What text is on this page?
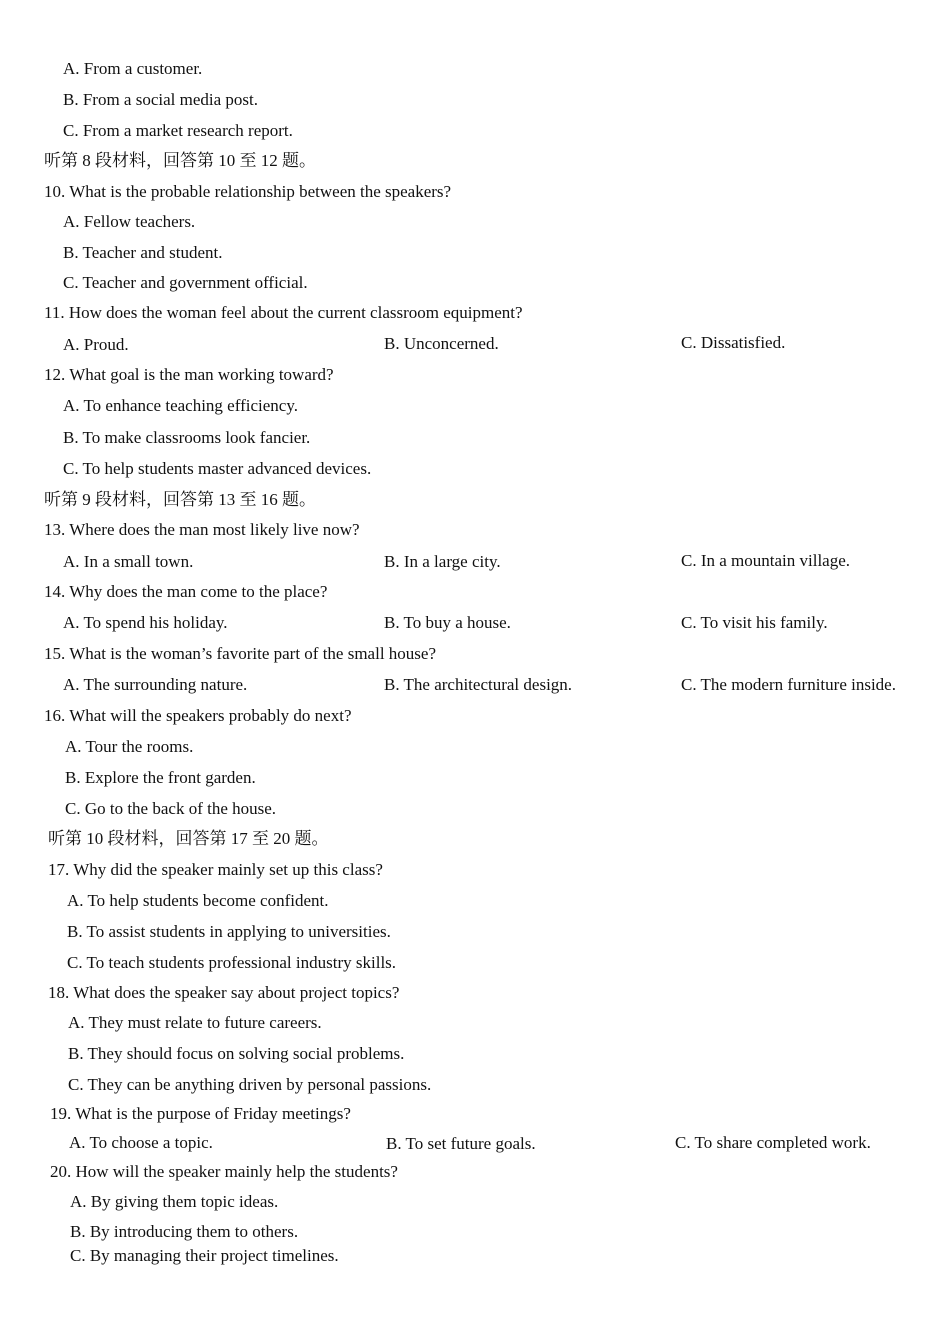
A. From a customer.
B. From a social media post.
C. From a market research report.
听第 8 段材料，回答第 10 至 12 题。
10. What is the probable relationship between the speakers?
A. Fellow teachers.
B. Teacher and student.
C. Teacher and government official.
11. How does the woman feel about the current classroom equipment?
A. Proud.	B. Unconcerned.	C. Dissatisfied.
12. What goal is the man working toward?
A. To enhance teaching efficiency.
B. To make classrooms look fancier.
C. To help students master advanced devices.
听第 9 段材料，回答第 13 至 16 题。
13. Where does the man most likely live now?
A. In a small town.	B. In a large city.	C. In a mountain village.
14. Why does the man come to the place?
A. To spend his holiday.	B. To buy a house.	C. To visit his family.
15. What is the woman’s favorite part of the small house?
A. The surrounding nature.	B. The architectural design.	C. The modern furniture inside.
16. What will the speakers probably do next?
A. Tour the rooms.
B. Explore the front garden.
C. Go to the back of the house.
听第 10 段材料，回答第 17 至 20 题。
17. Why did the speaker mainly set up this class?
A. To help students become confident.
B. To assist students in applying to universities.
C. To teach students professional industry skills.
18. What does the speaker say about project topics?
A. They must relate to future careers.
B. They should focus on solving social problems.
C. They can be anything driven by personal passions.
19. What is the purpose of Friday meetings?
A. To choose a topic.	B. To set future goals.	C. To share completed work.
20. How will the speaker mainly help the students?
A. By giving them topic ideas.
B. By introducing them to others.
C. By managing their project timelines.
